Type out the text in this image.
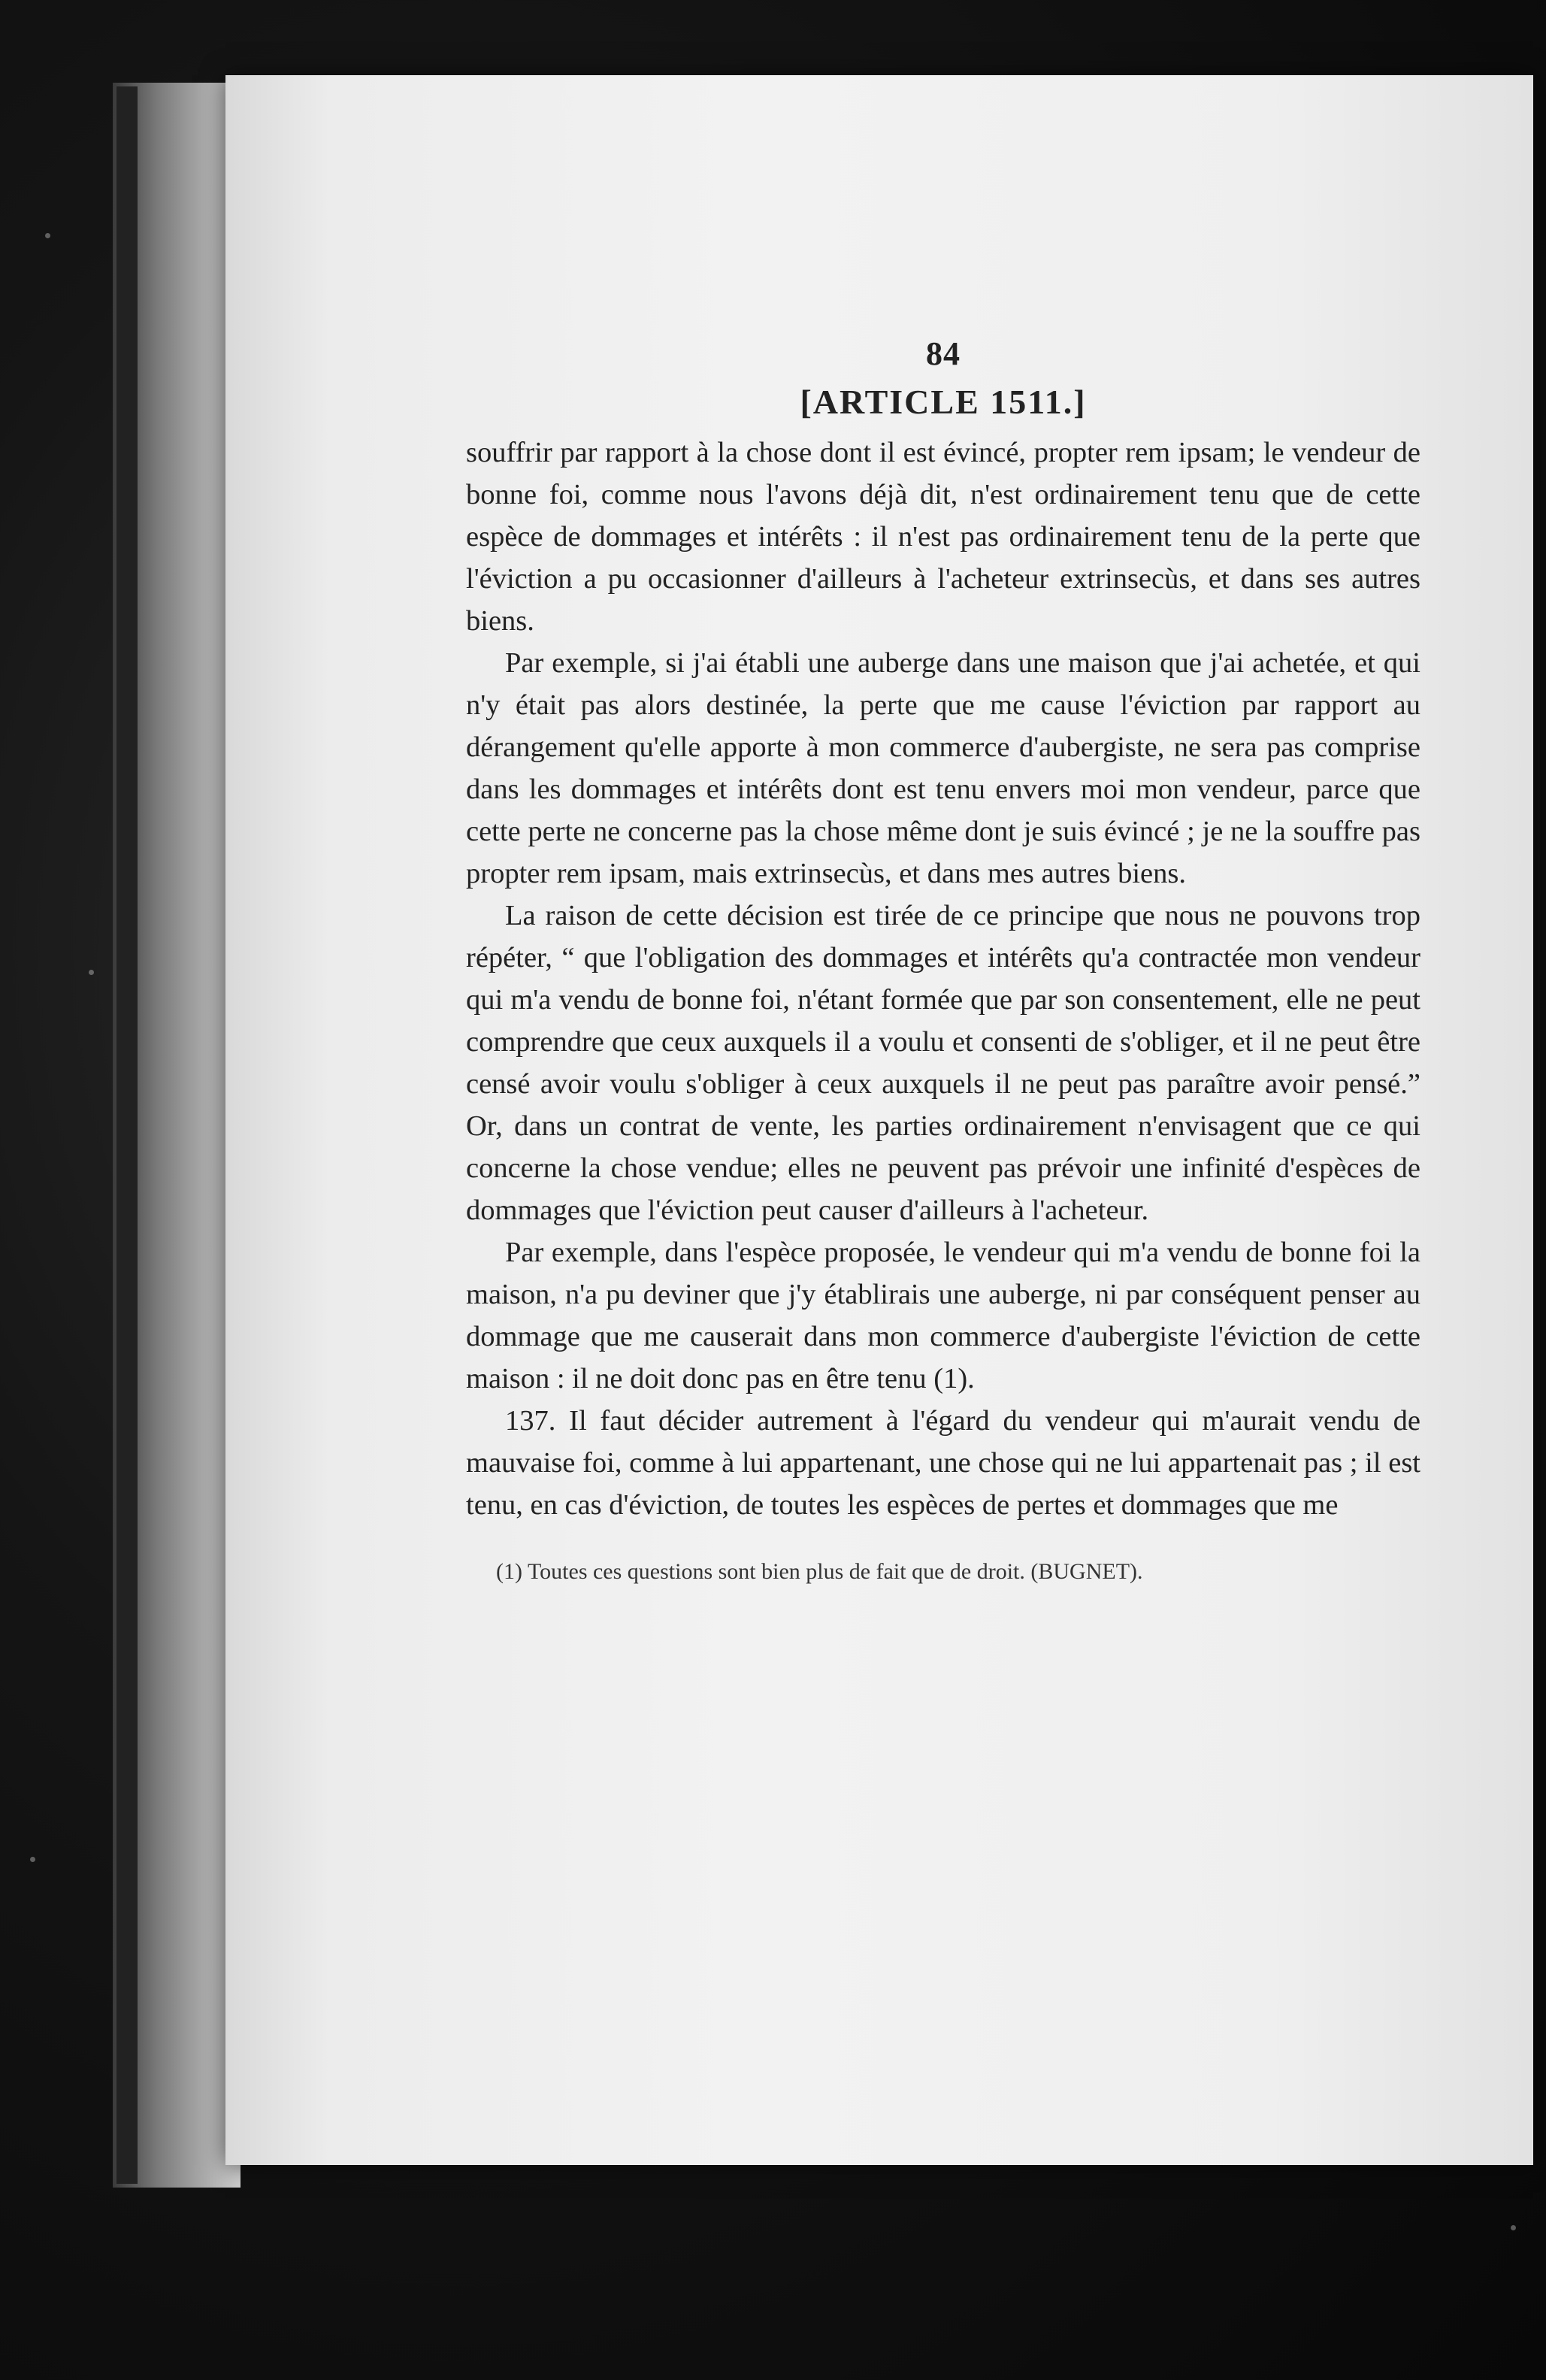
84
[ARTICLE 1511.]

souffrir par rapport à la chose dont il est évincé, propter rem ipsam; le vendeur de bonne foi, comme nous l'avons déjà dit, n'est ordinairement tenu que de cette espèce de dommages et intérêts : il n'est pas ordinairement tenu de la perte que l'éviction a pu occasionner d'ailleurs à l'acheteur extrinsecùs, et dans ses autres biens.

Par exemple, si j'ai établi une auberge dans une maison que j'ai achetée, et qui n'y était pas alors destinée, la perte que me cause l'éviction par rapport au dérangement qu'elle apporte à mon commerce d'aubergiste, ne sera pas comprise dans les dommages et intérêts dont est tenu envers moi mon vendeur, parce que cette perte ne concerne pas la chose même dont je suis évincé ; je ne la souffre pas propter rem ipsam, mais extrinsecùs, et dans mes autres biens.

La raison de cette décision est tirée de ce principe que nous ne pouvons trop répéter, “ que l'obligation des dommages et intérêts qu'a contractée mon vendeur qui m'a vendu de bonne foi, n'étant formée que par son consentement, elle ne peut comprendre que ceux auxquels il a voulu et consenti de s'obliger, et il ne peut être censé avoir voulu s'obliger à ceux auxquels il ne peut pas paraître avoir pensé.” Or, dans un contrat de vente, les parties ordinairement n'envisagent que ce qui concerne la chose vendue; elles ne peuvent pas prévoir une infinité d'espèces de dommages que l'éviction peut causer d'ailleurs à l'acheteur.

Par exemple, dans l'espèce proposée, le vendeur qui m'a vendu de bonne foi la maison, n'a pu deviner que j'y établirais une auberge, ni par conséquent penser au dommage que me causerait dans mon commerce d'aubergiste l'éviction de cette maison : il ne doit donc pas en être tenu (1).

137. Il faut décider autrement à l'égard du vendeur qui m'aurait vendu de mauvaise foi, comme à lui appartenant, une chose qui ne lui appartenait pas ; il est tenu, en cas d'éviction, de toutes les espèces de pertes et dommages que me

(1) Toutes ces questions sont bien plus de fait que de droit. (BUGNET).
